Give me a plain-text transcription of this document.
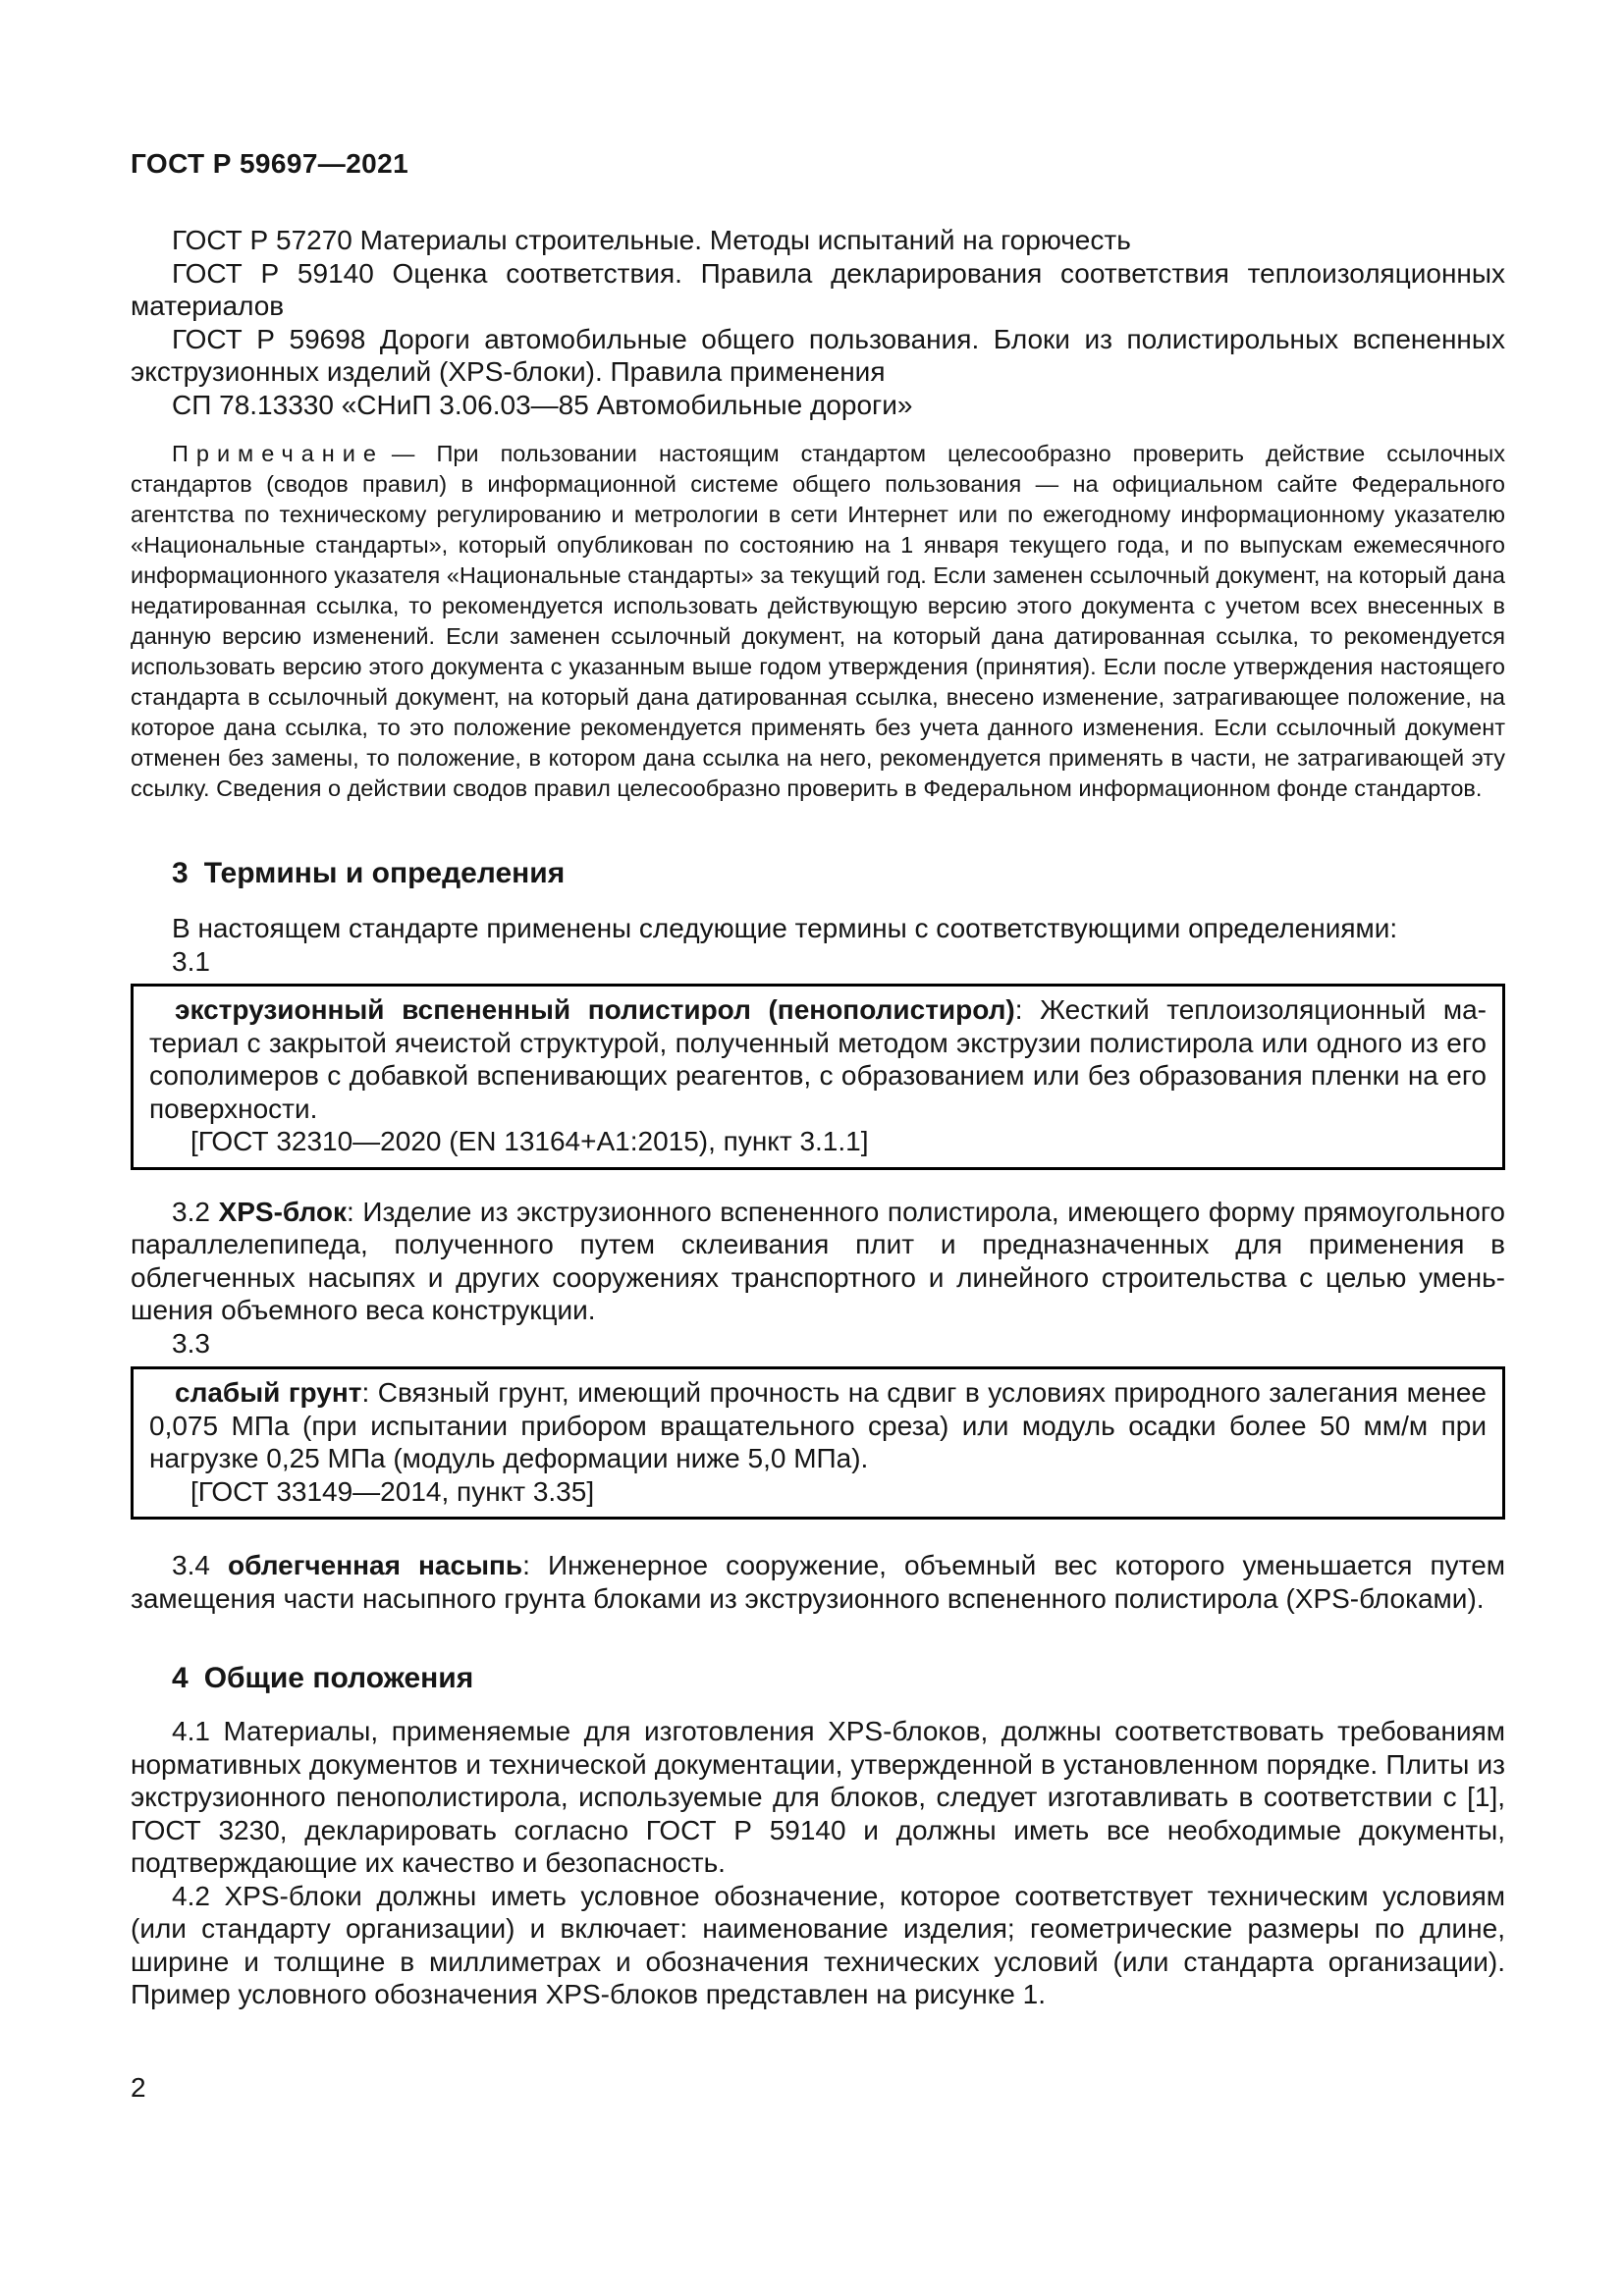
ГОСТ Р 59697—2021

ГОСТ Р 57270 Материалы строительные. Методы испытаний на горючесть

ГОСТ Р 59140 Оценка соответствия. Правила декларирования соответствия теплоизоляционных материалов

ГОСТ Р 59698 Дороги автомобильные общего пользования. Блоки из полистирольных вспененных экструзионных изделий (XPS-блоки). Правила применения

СП 78.13330 «СНиП 3.06.03—85 Автомобильные дороги»

Примечание — При пользовании настоящим стандартом целесообразно проверить действие ссылочных стандартов (сводов правил) в информационной системе общего пользования — на официальном сайте Федерального агентства по техническому регулированию и метрологии в сети Интернет или по ежегодному информационному указателю «Национальные стандарты», который опубликован по состоянию на 1 января текущего года, и по выпускам ежемесячного информационного указателя «Национальные стандарты» за текущий год. Если заменен ссылочный документ, на который дана недатированная ссылка, то рекомендуется использовать действующую версию этого документа с учетом всех внесенных в данную версию изменений. Если заменен ссылочный документ, на который дана датированная ссылка, то рекомендуется использовать версию этого документа с указанным выше годом утверждения (принятия). Если после утверждения настоящего стандарта в ссылочный документ, на который дана датированная ссылка, внесено изменение, затрагивающее положение, на которое дана ссылка, то это положение рекомендуется применять без учета данного изменения. Если ссылочный документ отменен без замены, то положение, в котором дана ссылка на него, рекомендуется применять в части, не затрагивающей эту ссылку. Сведения о действии сводов правил целесообразно проверить в Федеральном информационном фонде стандартов.

3 Термины и определения

В настоящем стандарте применены следующие термины с соответствующими определениями:

3.1

экструзионный вспененный полистирол (пенополистирол): Жесткий теплоизоляционный материал с закрытой ячеистой структурой, полученный методом экструзии полистирола или одного из его сополимеров с добавкой вспенивающих реагентов, с образованием или без образования пленки на его поверхности.

[ГОСТ 32310—2020 (EN 13164+A1:2015), пункт 3.1.1]

3.2 XPS-блок: Изделие из экструзионного вспененного полистирола, имеющего форму прямоугольного параллелепипеда, полученного путем склеивания плит и предназначенных для применения в облегченных насыпях и других сооружениях транспортного и линейного строительства с целью уменьшения объемного веса конструкции.

3.3

слабый грунт: Связный грунт, имеющий прочность на сдвиг в условиях природного залегания менее 0,075 МПа (при испытании прибором вращательного среза) или модуль осадки более 50 мм/м при нагрузке 0,25 МПа (модуль деформации ниже 5,0 МПа).

[ГОСТ 33149—2014, пункт 3.35]

3.4 облегченная насыпь: Инженерное сооружение, объемный вес которого уменьшается путем замещения части насыпного грунта блоками из экструзионного вспененного полистирола (XPS-блоками).

4 Общие положения

4.1 Материалы, применяемые для изготовления XPS-блоков, должны соответствовать требованиям нормативных документов и технической документации, утвержденной в установленном порядке. Плиты из экструзионного пенополистирола, используемые для блоков, следует изготавливать в соответствии с [1], ГОСТ 3230, декларировать согласно ГОСТ Р 59140 и должны иметь все необходимые документы, подтверждающие их качество и безопасность.

4.2 XPS-блоки должны иметь условное обозначение, которое соответствует техническим условиям (или стандарту организации) и включает: наименование изделия; геометрические размеры по длине, ширине и толщине в миллиметрах и обозначения технических условий (или стандарта организации). Пример условного обозначения XPS-блоков представлен на рисунке 1.

2
